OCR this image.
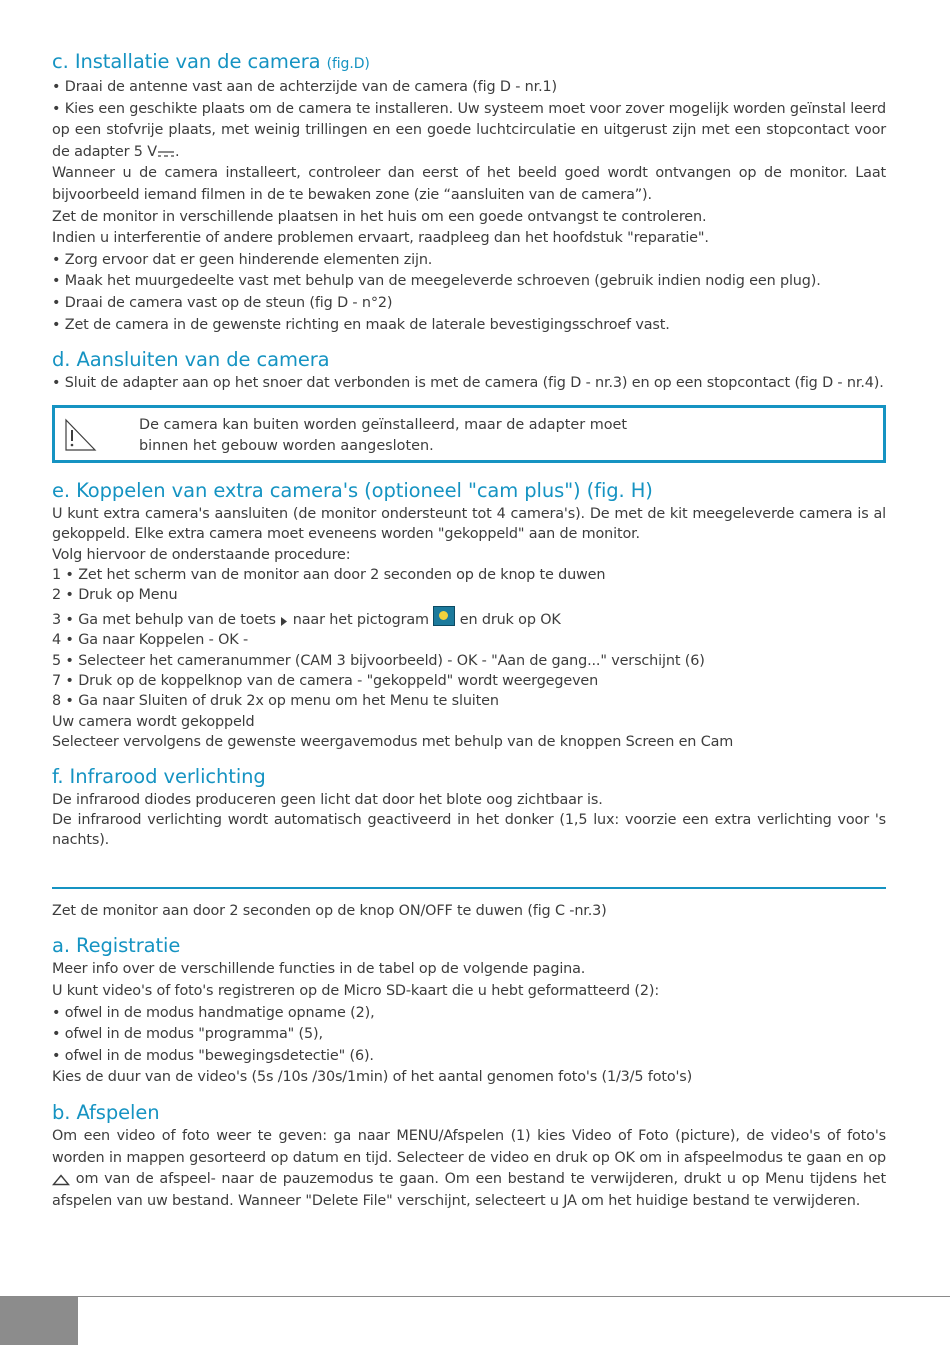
c. Installatie van de camera (fig.D)

• Draai de antenne vast aan de achterzijde van de camera (fig D - nr.1)

• Kies een geschikte plaats om de camera te installeren. Uw systeem moet voor zover mogelijk worden geïnstal leerd op een stofvrije plaats, met weinig trillingen en een goede luchtcirculatie en uitgerust zijn met een stopcontact voor de adapter 5 V .

Wanneer u de camera installeert, controleer dan eerst of het beeld goed wordt ontvangen op de monitor. Laat bijvoorbeeld iemand filmen in de te bewaken zone (zie “aansluiten van de camera”).

Zet de monitor in verschillende plaatsen in het huis om een goede ontvangst te controleren.

Indien u interferentie of andere problemen ervaart, raadpleeg dan het hoofdstuk "reparatie".

• Zorg ervoor dat er geen hinderende elementen zijn.

• Maak het muurgedeelte vast met behulp van de meegeleverde schroeven (gebruik indien nodig een plug).

• Draai de camera vast op de steun (fig D - n°2)

• Zet de camera in de gewenste richting en maak de laterale bevestigingsschroef vast.

d. Aansluiten van de camera

• Sluit de adapter aan op het snoer dat verbonden is met de camera (fig D - nr.3) en op een stopcontact (fig D - nr.4).

De camera kan buiten worden geïnstalleerd, maar de adapter moet
binnen het gebouw worden aangesloten.
e. Koppelen van extra camera's (optioneel "cam plus") (fig. H)

U kunt extra camera's aansluiten (de monitor ondersteunt tot 4 camera's). De met de kit meegeleverde camera is al gekoppeld. Elke extra camera moet eveneens worden "gekoppeld" aan de monitor.

Volg hiervoor de onderstaande procedure:

1 • Zet het scherm van de monitor aan door 2 seconden op de knop te duwen

2 • Druk op Menu

3 • Ga met behulp van de toets  naar het pictogram
en druk op OK

4 • Ga naar Koppelen - OK -

5 • Selecteer het cameranummer (CAM 3 bijvoorbeeld) - OK - "Aan de gang..." verschijnt (6)

7 • Druk op de koppelknop van de camera - "gekoppeld" wordt weergegeven

8 • Ga naar Sluiten of druk 2x op menu om het Menu te sluiten

Uw camera wordt gekoppeld

Selecteer vervolgens de gewenste weergavemodus met behulp van de knoppen Screen en Cam

f. Infrarood verlichting

De infrarood diodes produceren geen licht dat door het blote oog zichtbaar is.

De infrarood verlichting wordt automatisch geactiveerd in het donker (1,5 lux: voorzie een extra verlichting voor 's nachts).

Zet de monitor aan door 2 seconden op de knop ON/OFF te duwen (fig C -nr.3)

a. Registratie

Meer info over de verschillende functies in de tabel op de volgende pagina.

U kunt video's of foto's registreren op de Micro SD-kaart die u hebt geformatteerd (2):

• ofwel in de modus handmatige opname (2),

• ofwel in de modus "programma" (5),

• ofwel in de modus "bewegingsdetectie" (6).

Kies de duur van de video's (5s /10s /30s/1min) of het aantal genomen foto's (1/3/5 foto's)

b. Afspelen

Om een video of foto weer te geven: ga naar MENU/Afspelen (1) kies Video of Foto (picture), de video's of foto's worden in mappen gesorteerd op datum en tijd. Selecteer de video en druk op OK om in afspeelmodus te gaan en op  om van de afspeel- naar de pauzemodus te gaan. Om een bestand te verwijderen, drukt u op Menu tijdens het afspelen van uw bestand. Wanneer "Delete File" verschijnt, selecteert u JA om het huidige bestand te verwijderen.
